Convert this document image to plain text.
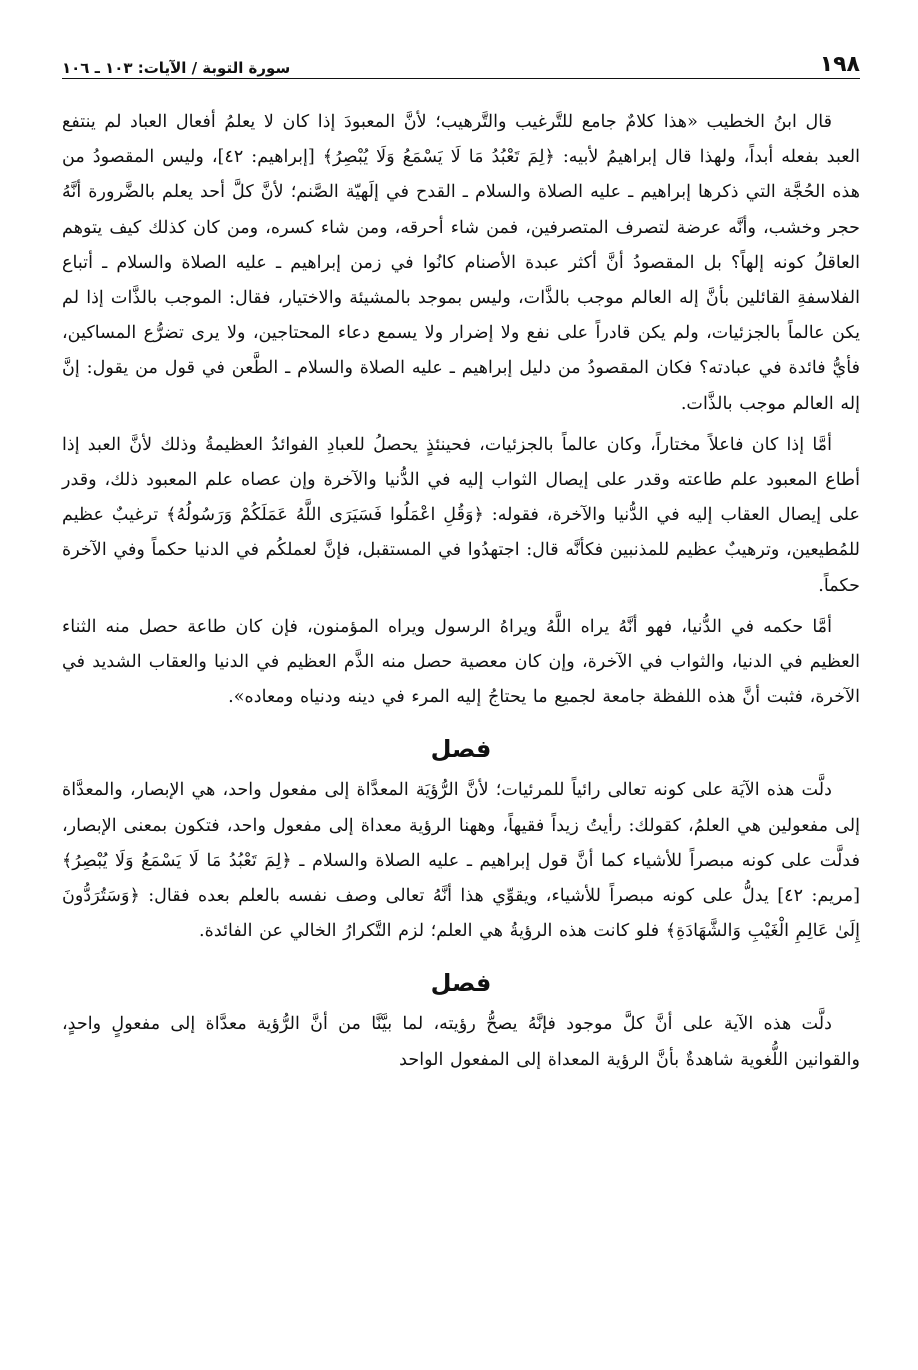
١٩٨
سورة التوبة / الآيات: ١٠٣ ـ ١٠٦

قال ابنُ الخطيب «هذا كلامٌ جامع للتَّرغيب والتَّرهيب؛ لأنَّ المعبودَ إذا كان لا يعلمُ أفعال العباد لم ينتفع العبد بفعله أبداً، ولهذا قال إبراهيمُ لأبيه: ﴿لِمَ تَعْبُدُ مَا لَا يَسْمَعُ وَلَا يُبْصِرُ﴾ [إبراهيم: ٤٢]، وليس المقصودُ من هذه الحُجَّة التي ذكرها إبراهيم ـ عليه الصلاة والسلام ـ القدح في إلَهيّة الصَّنم؛ لأنَّ كلَّ أحد يعلم بالضَّرورة أنَّهُ حجر وخشب، وأنَّه عرضة لتصرف المتصرفين، فمن شاء أحرقه، ومن شاء كسره، ومن كان كذلك كيف يتوهم العاقلُ كونه إلهاً؟ بل المقصودُ أنَّ أكثر عبدة الأصنام كانُوا في زمن إبراهيم ـ عليه الصلاة والسلام ـ أتباع الفلاسفةِ القائلين بأنَّ إله العالم موجب بالذَّات، وليس بموجد بالمشيئة والاختيار، فقال: الموجب بالذَّات إذا لم يكن عالماً بالجزئيات، ولم يكن قادراً على نفع ولا إضرار ولا يسمع دعاء المحتاجين، ولا يرى تضرُّع المساكين، فأيُّ فائدة في عبادته؟ فكان المقصودُ من دليل إبراهيم ـ عليه الصلاة والسلام ـ الطَّعن في قول من يقول: إنَّ إله العالم موجب بالذَّات.

أمَّا إذا كان فاعلاً مختاراً، وكان عالماً بالجزئيات، فحينئذٍ يحصلُ للعبادِ الفوائدُ العظيمةُ وذلك لأنَّ العبد إذا أطاع المعبود علم طاعته وقدر على إيصال الثواب إليه في الدُّنيا والآخرة وإن عصاه علم المعبود ذلك، وقدر على إيصال العقاب إليه في الدُّنيا والآخرة، فقوله: ﴿وَقُلِ اعْمَلُوا فَسَيَرَى اللَّهُ عَمَلَكُمْ وَرَسُولُهُ﴾ ترغيبٌ عظيم للمُطيعين، وترهيبٌ عظيم للمذنبين فكأنَّه قال: اجتهدُوا في المستقبل، فإنَّ لعملكُم في الدنيا حكماً وفي الآخرة حكماً.

أمَّا حكمه في الدُّنيا، فهو أنَّهُ يراه اللَّهُ ويراهُ الرسول ويراه المؤمنون، فإن كان طاعة حصل منه الثناء العظيم في الدنيا، والثواب في الآخرة، وإن كان معصية حصل منه الذَّم العظيم في الدنيا والعقاب الشديد في الآخرة، فثبت أنَّ هذه اللفظة جامعة لجميع ما يحتاجُ إليه المرء في دينه ودنياه ومعاده».

فصل

دلَّت هذه الآيَة على كونه تعالى رائياً للمرئيات؛ لأنَّ الرُّؤيَة المعدَّاة إلى مفعول واحد، هي الإبصار، والمعدَّاة إلى مفعولين هي العلمُ، كقولك: رأيتُ زيداً فقيهاً، وههنا الرؤية معداة إلى مفعول واحد، فتكون بمعنى الإبصار، فدلَّت على كونه مبصراً للأشياء كما أنَّ قول إبراهيم ـ عليه الصلاة والسلام ـ ﴿لِمَ تَعْبُدُ مَا لَا يَسْمَعُ وَلَا يُبْصِرُ﴾ [مريم: ٤٢] يدلُّ على كونه مبصراً للأشياء، ويقوِّي هذا أنَّهُ تعالى وصف نفسه بالعلم بعده فقال: ﴿وَسَتُرَدُّونَ إِلَىٰ عَالِمِ الْغَيْبِ وَالشَّهَادَةِ﴾ فلو كانت هذه الرؤيةُ هي العلم؛ لزم التَّكرارُ الخالي عن الفائدة.

فصل

دلَّت هذه الآية على أنَّ كلَّ موجود فإنَّهُ يصحُّ رؤيته، لما بيَّنَّا من أنَّ الرُّؤية معدَّاة إلى مفعولٍ واحدٍ، والقوانين اللُّغوية شاهدةٌ بأنَّ الرؤية المعداة إلى المفعول الواحد
